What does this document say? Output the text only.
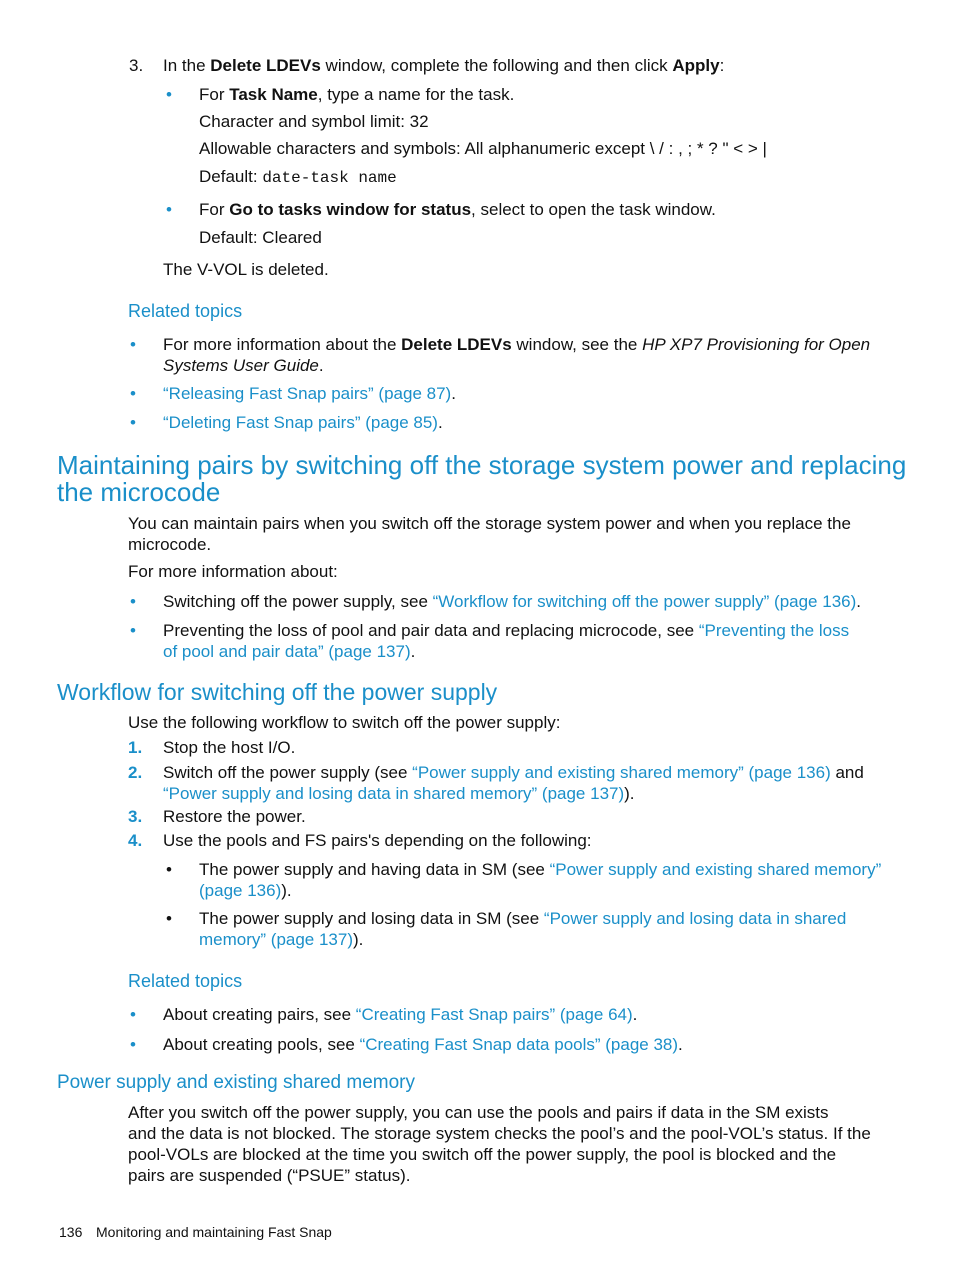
3. In the Delete LDEVs window, complete the following and then click Apply:
• For Task Name, type a name for the task.
Character and symbol limit: 32
Allowable characters and symbols: All alphanumeric except \ / : , ; * ? " < > |
Default: date-task name
• For Go to tasks window for status, select to open the task window.
Default: Cleared
The V-VOL is deleted.
Related topics
• For more information about the Delete LDEVs window, see the HP XP7 Provisioning for Open
Systems User Guide.
• “Releasing Fast Snap pairs” (page 87).
• “Deleting Fast Snap pairs” (page 85).
Maintaining pairs by switching off the storage system power and replacing
the microcode
You can maintain pairs when you switch off the storage system power and when you replace the
microcode.
For more information about:
• Switching off the power supply, see “Workflow for switching off the power supply” (page 136).
• Preventing the loss of pool and pair data and replacing microcode, see “Preventing the loss
of pool and pair data” (page 137).
Workflow for switching off the power supply
Use the following workflow to switch off the power supply:
1. Stop the host I/O.
2. Switch off the power supply (see “Power supply and existing shared memory” (page 136) and
“Power supply and losing data in shared memory” (page 137)).
3. Restore the power.
4. Use the pools and FS pairs's depending on the following:
• The power supply and having data in SM (see “Power supply and existing shared memory”
(page 136)).
• The power supply and losing data in SM (see “Power supply and losing data in shared
memory” (page 137)).
Related topics
• About creating pairs, see “Creating Fast Snap pairs” (page 64).
• About creating pools, see “Creating Fast Snap data pools” (page 38).
Power supply and existing shared memory
After you switch off the power supply, you can use the pools and pairs if data in the SM exists
and the data is not blocked. The storage system checks the pool’s and the pool-VOL’s status. If the
pool-VOLs are blocked at the time you switch off the power supply, the pool is blocked and the
pairs are suspended (“PSUE” status).
136 Monitoring and maintaining Fast Snap
